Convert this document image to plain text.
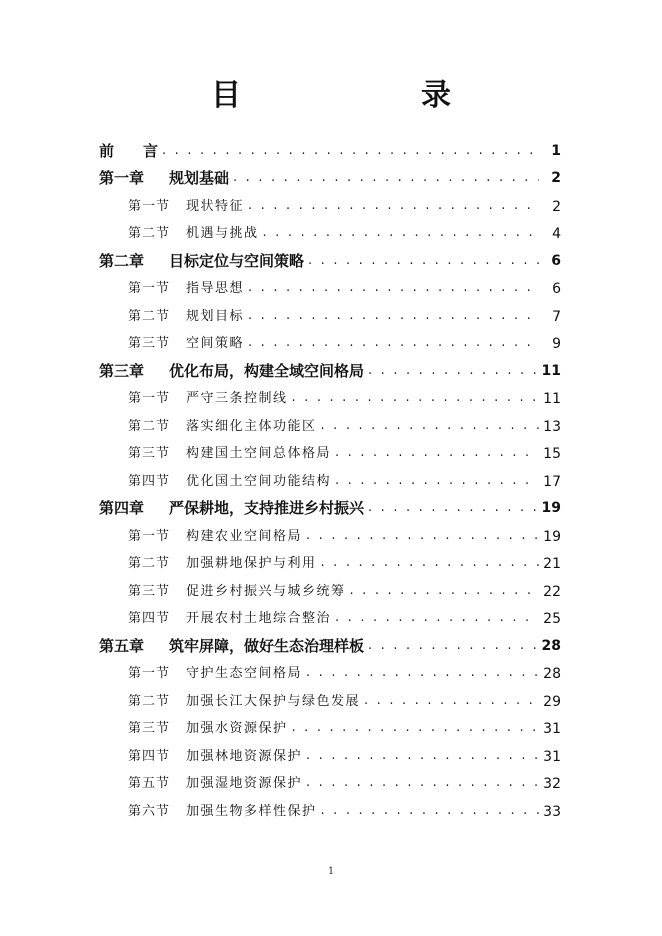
目　　录
前 言 . . .	1
第一章 规划基础 . . .	2
第一节 现状特征 . . .	2
第二节 机遇与挑战 . . .	4
第二章 目标定位与空间策略 . . .	6
第一节 指导思想 . . .	6
第二节 规划目标 . . .	7
第三节 空间策略 . . .	9
第三章 优化布局，构建全域空间格局 . . .	11
第一节 严守三条控制线 . . .	11
第二节 落实细化主体功能区 . . .	13
第三节 构建国土空间总体格局 . . .	15
第四节 优化国土空间功能结构 . . .	17
第四章 严保耕地，支持推进乡村振兴 . . .	19
第一节 构建农业空间格局 . . .	19
第二节 加强耕地保护与利用 . . .	21
第三节 促进乡村振兴与城乡统筹 . . .	22
第四节 开展农村土地综合整治 . . .	25
第五章 筑牢屏障，做好生态治理样板 . . .	28
第一节 守护生态空间格局 . . .	28
第二节 加强长江大保护与绿色发展 . . .	29
第三节 加强水资源保护 . . .	31
第四节 加强林地资源保护 . . .	31
第五节 加强湿地资源保护 . . .	32
第六节 加强生物多样性保护 . . .	33
1
